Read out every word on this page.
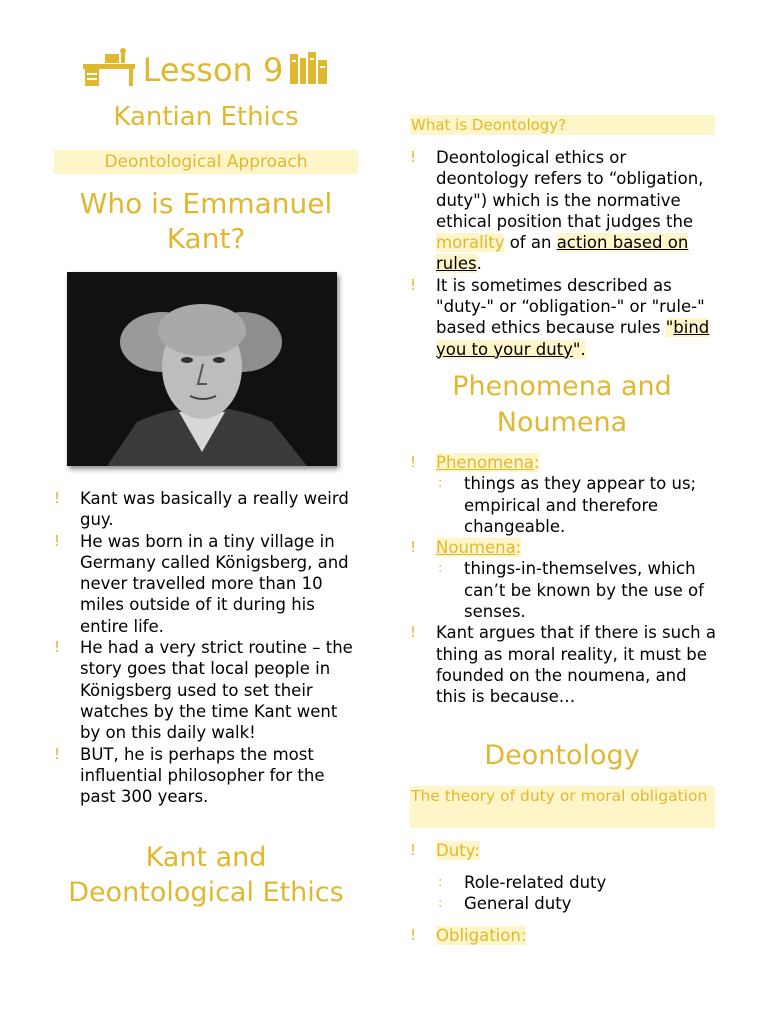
Lesson 9
Kantian Ethics
Deontological Approach
Who is Emmanuel Kant?
!	Kant was basically a really weird guy.
!	He was born in a tiny village in Germany called Königsberg, and never travelled more than 10 miles outside of it during his entire life.
!	He had a very strict routine – the story goes that local people in Königsberg used to set their watches by the time Kant went by on this daily walk!
!	BUT, he is perhaps the most influential philosopher for the past 300 years.
Kant and Deontological Ethics
What is Deontology?
!	Deontological ethics or deontology refers to “obligation, duty") which is the normative ethical position that judges the morality of an action based on rules.
!	It is sometimes described as "duty-" or “obligation-" or "rule-" based ethics because rules "bind you to your duty".
Phenomena and Noumena
!	Phenomena:
: things as they appear to us; empirical and therefore changeable.
!	Noumena:
: things-in-themselves, which can’t be known by the use of senses.
!	Kant argues that if there is such a thing as moral reality, it must be founded on the noumena, and this is because…
Deontology
The theory of duty or moral obligation
!	Duty:
: Role-related duty
: General duty
!	Obligation:
